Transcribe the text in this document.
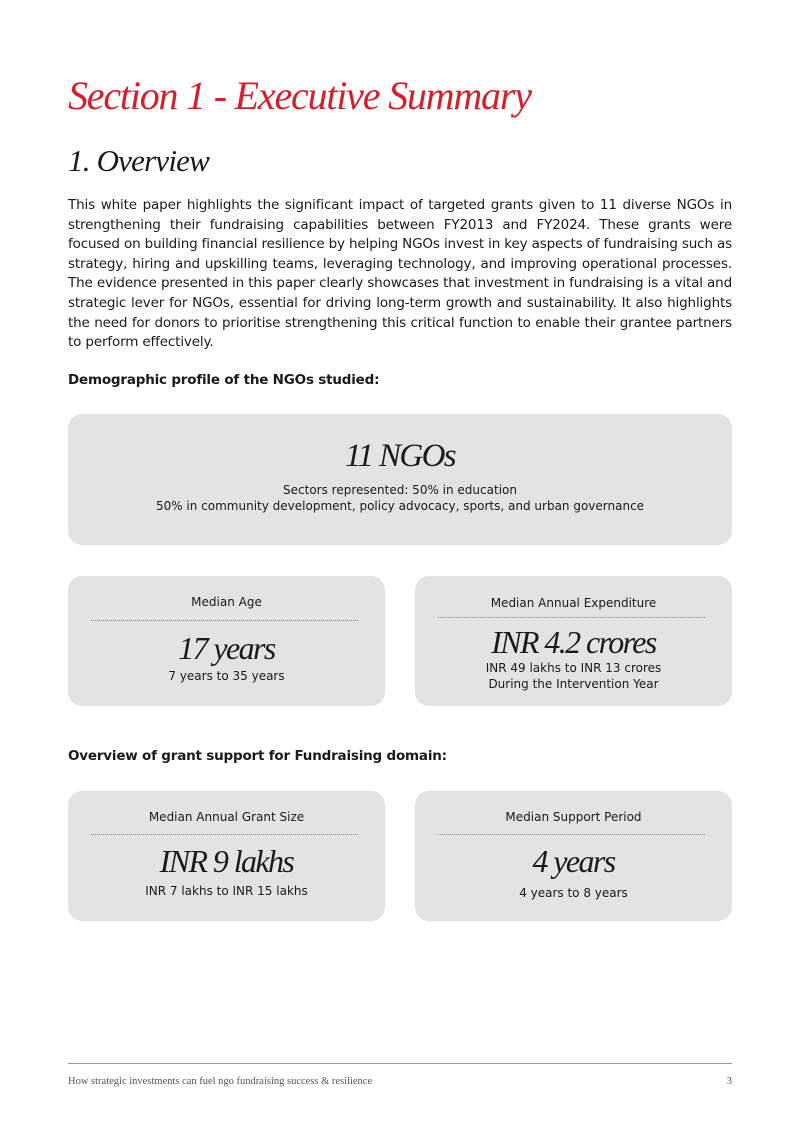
Section 1 - Executive Summary
1. Overview

This white paper highlights the significant impact of targeted grants given to 11 diverse NGOs in strengthening their fundraising capabilities between FY2013 and FY2024. These grants were focused on building financial resilience by helping NGOs invest in key aspects of fundraising such as strategy, hiring and upskilling teams, leveraging technology, and improving operational processes. The evidence presented in this paper clearly showcases that investment in fundraising is a vital and strategic lever for NGOs, essential for driving long-term growth and sustainability. It also highlights the need for donors to prioritise strengthening this critical function to enable their grantee partners to perform effectively.

Demographic profile of the NGOs studied:
11 NGOs
Sectors represented: 50% in education
50% in community development, policy advocacy, sports, and urban governance
Median Age
17 years
7 years to 35 years
Median Annual Expenditure
INR 4.2 crores
INR 49 lakhs to INR 13 crores
During the Intervention Year
Overview of grant support for Fundraising domain:
Median Annual Grant Size
INR 9 lakhs
INR 7 lakhs to INR 15 lakhs
Median Support Period
4 years
4 years to 8 years
How strategic investments can fuel ngo fundraising success & resilience	3
